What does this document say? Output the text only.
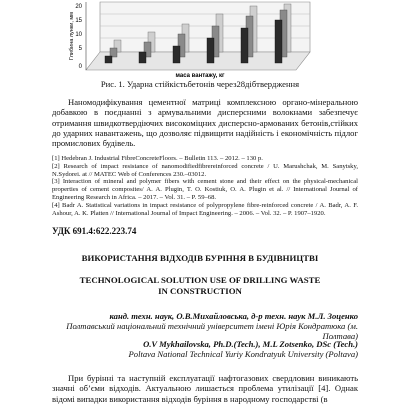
20
15
10
5
0
Глибина лунки, мм
маса вантажу, кг
Рис. 1. Ударна стійкістьбетонів через28дібтвердження

Наномодифікування цементної матриці комплексною органо-мінеральною добавкою в поєднанні з армувальними дисперсними волокнами забезпечує отримання швидкотвердіючих високоміцних дисперсно-армованих бетонів,стійких до ударних навантажень, що дозволяє підвищити надійність і економічність підлог промислових будівель.

[1] Hedebran J. Industrial FibreConcreteFloors. – Bulletin 113. – 2012. – 130 p.

[2] Research of impact resistance of nanomodifiedfibrereinforced concrete / U. Marushchak, M. Sanytsky, N.Sydorei. at // MATEC Web of Conferences 230.–03012.

[3] Interaction of mineral and polymer fibers with cement stone and their effect on the physical-mechanical properties of cement composites/ A. A. Plugin, T. O. Kostiuk, O. A. Plugin et al. // International Journal of Engineering Research in Africa. – 2017. – Vol. 31. – P. 59–68.

[4] Badr A. Statistical variations in impact resistance of polypropylene fibre-reinforced concrete / A. Badr, A. F. Ashour, A. K. Platten // International Journal of Impact Engineering. – 2006. – Vol. 32. – P. 1907–1920.

УДК 691.4:622.223.74
ВИКОРИСТАННЯ ВІДХОДІВ БУРІННЯ В БУДІВНИЦТВІ
TECHNOLOGICAL SOLUTION USE OF DRILLING WASTE
IN CONSTRUCTION
канд. техн. наук, О.В.Михайловська, д-р техн. наук М.Л. Зоценко
Полтавський національний технічний університет імені Юрія Кондратюка (м. Полтава)
O.V Mykhailovska, Ph.D.(Tech.), M.L Zotsenko, DSc (Tech.)
Poltava National Technical Yuriy Kondratyuk University (Poltava)

При бурінні та наступній експлуатації нафтогазових свердловин виникають значні об’єми відходів. Актуальною лишається проблема утилізації [4]. Однак відомі випадки використання відходів буріння в народному господарстві (в
